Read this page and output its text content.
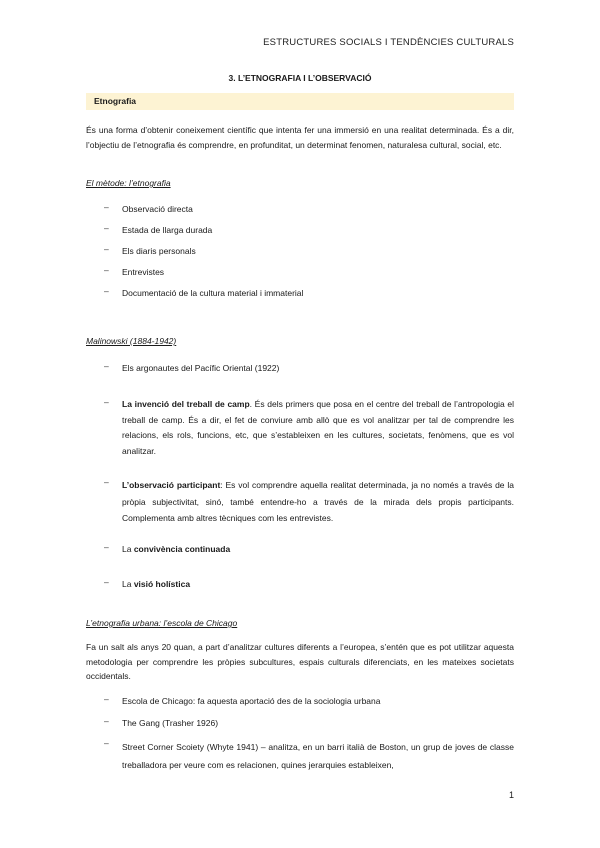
ESTRUCTURES SOCIALS I TENDÈNCIES CULTURALS
3. L’ETNOGRAFIA I L’OBSERVACIÓ
Etnografia
És una forma d’obtenir coneixement científic que intenta fer una immersió en una realitat determinada. És a dir, l’objectiu de l’etnografia és comprendre, en profunditat, un determinat fenomen, naturalesa cultural, social, etc.
El mètode: l’etnografia
– Observació directa
– Estada de llarga durada
– Els diaris personals
– Entrevistes
– Documentació de la cultura material i immaterial
Malinowski (1884-1942)
– Els argonautes del Pacífic Oriental (1922)
– La invenció del treball de camp. És dels primers que posa en el centre del treball de l’antropologia el treball de camp. És a dir, el fet de conviure amb allò que es vol analitzar per tal de comprendre les relacions, els rols, funcions, etc, que s’estableixen en les cultures, societats, fenòmens, que es vol analitzar.
– L’observació participant: Es vol comprendre aquella realitat determinada, ja no només a través de la pròpia subjectivitat, sinó, també entendre-ho a través de la mirada dels propis participants. Complementa amb altres tècniques com les entrevistes.
– La convivència continuada
– La visió holística
L’etnografia urbana: l’escola de Chicago
Fa un salt als anys 20 quan, a part d’analitzar cultures diferents a l’europea, s’entén que es pot utilitzar aquesta metodologia per comprendre les pròpies subcultures, espais culturals diferenciats, en les mateixes societats occidentals.
– Escola de Chicago: fa aquesta aportació des de la sociologia urbana
– The Gang (Trasher 1926)
– Street Corner Scoiety (Whyte 1941) – analitza, en un barri italià de Boston, un grup de joves de classe treballadora per veure com es relacionen, quines jerarquies estableixen,
1
